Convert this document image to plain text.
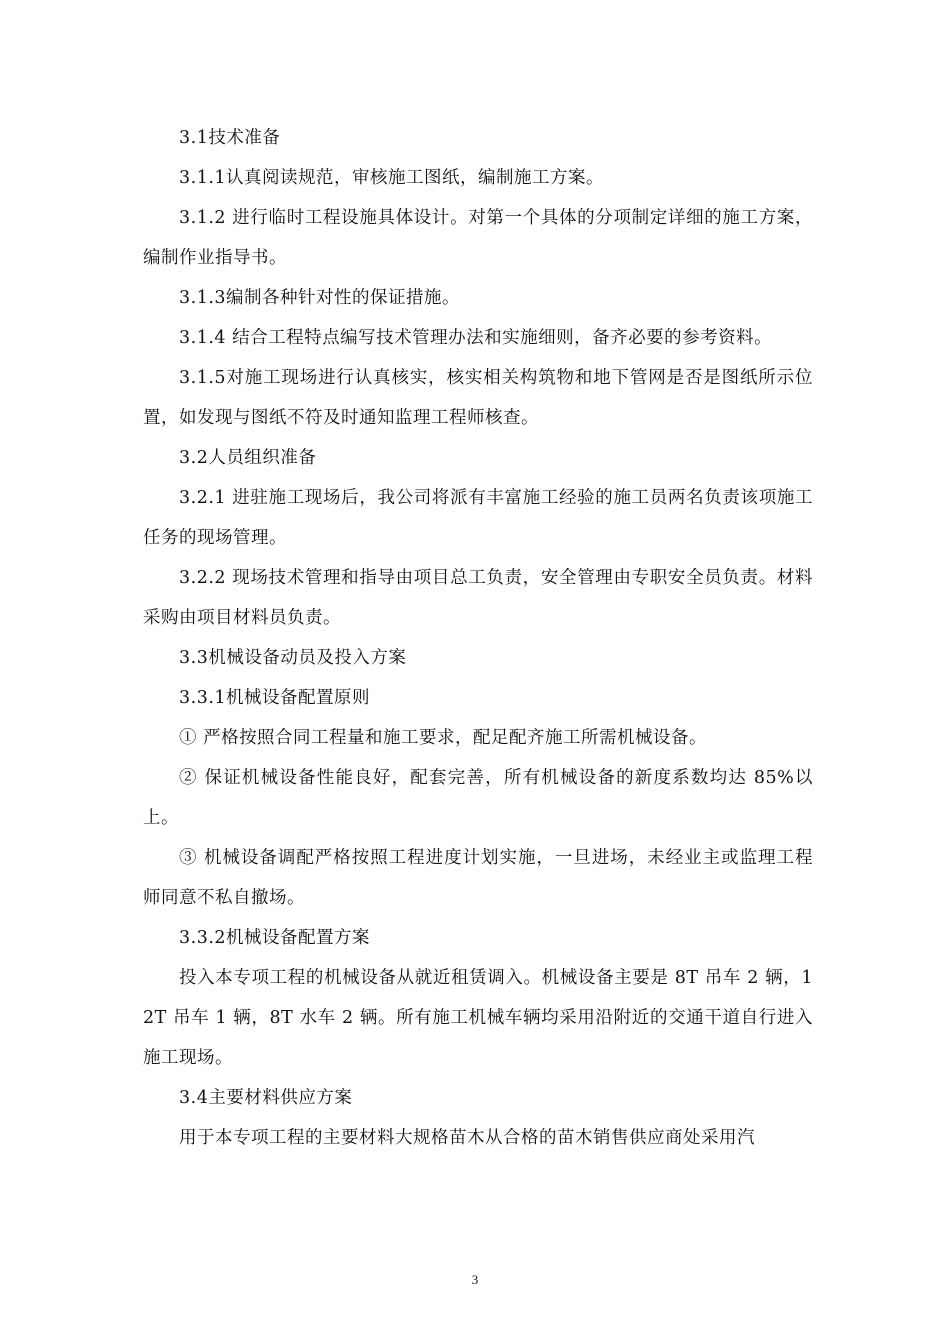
3.1技术准备

3.1.1认真阅读规范，审核施工图纸，编制施工方案。

3.1.2 进行临时工程设施具体设计。对第一个具体的分项制定详细的施工方案，编制作业指导书。

3.1.3编制各种针对性的保证措施。

3.1.4 结合工程特点编写技术管理办法和实施细则，备齐必要的参考资料。

3.1.5对施工现场进行认真核实，核实相关构筑物和地下管网是否是图纸所示位置，如发现与图纸不符及时通知监理工程师核查。

3.2人员组织准备

3.2.1 进驻施工现场后，我公司将派有丰富施工经验的施工员两名负责该项施工任务的现场管理。

3.2.2 现场技术管理和指导由项目总工负责，安全管理由专职安全员负责。材料采购由项目材料员负责。

3.3机械设备动员及投入方案

3.3.1机械设备配置原则

① 严格按照合同工程量和施工要求，配足配齐施工所需机械设备。

② 保证机械设备性能良好，配套完善，所有机械设备的新度系数均达 85%以上。

③ 机械设备调配严格按照工程进度计划实施，一旦进场，未经业主或监理工程师同意不私自撤场。

3.3.2机械设备配置方案

投入本专项工程的机械设备从就近租赁调入。机械设备主要是 8T 吊车 2 辆，12T 吊车 1 辆，8T 水车 2 辆。所有施工机械车辆均采用沿附近的交通干道自行进入施工现场。

3.4主要材料供应方案

用于本专项工程的主要材料大规格苗木从合格的苗木销售供应商处采用汽

3
